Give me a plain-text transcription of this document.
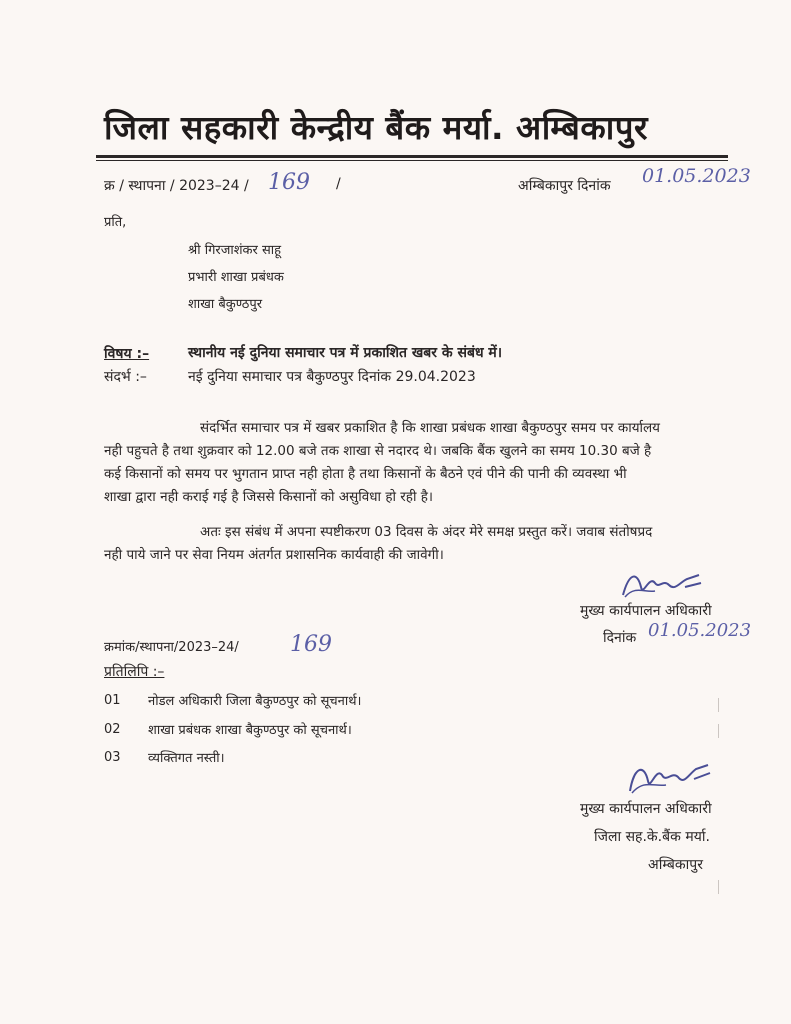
जिला सहकारी केन्द्रीय बैंक मर्या. अम्बिकापुर
क्र / स्थापना / 2023–24 / 169 /	अम्बिकापुर दिनांक 01.05.2023
प्रति,
श्री गिरजाशंकर साहू
प्रभारी शाखा प्रबंधक
शाखा बैकुण्ठपुर
विषय :–	स्थानीय नई दुनिया समाचार पत्र में प्रकाशित खबर के संबंध में।
संदर्भ :–	नई दुनिया समाचार पत्र बैकुण्ठपुर दिनांक 29.04.2023
संदर्भित समाचार पत्र में खबर प्रकाशित है कि शाखा प्रबंधक शाखा बैकुण्ठपुर समय पर कार्यालय
नही पहुचते है तथा शुक्रवार को 12.00 बजे तक शाखा से नदारद थे। जबकि बैंक खुलने का समय 10.30 बजे है
कई किसानों को समय पर भुगतान प्राप्त नही होता है तथा किसानों के बैठने एवं पीने की पानी की व्यवस्था भी
शाखा द्वारा नही कराई गई है जिससे किसानों को असुविधा हो रही है।
अतः इस संबंध में अपना स्पष्टीकरण 03 दिवस के अंदर मेरे समक्ष प्रस्तुत करें। जवाब संतोषप्रद
नही पाये जाने पर सेवा नियम अंतर्गत प्रशासनिक कार्यवाही की जावेगी।
मुख्य कार्यपालन अधिकारी
दिनांक 01.05.2023
क्रमांक/स्थापना/2023–24/ 169
प्रतिलिपि :–
01 नोडल अधिकारी जिला बैकुण्ठपुर को सूचनार्थ।
02 शाखा प्रबंधक शाखा बैकुण्ठपुर को सूचनार्थ।
03 व्यक्तिगत नस्ती।
मुख्य कार्यपालन अधिकारी
जिला सह.के.बैंक मर्या.
अम्बिकापुर
